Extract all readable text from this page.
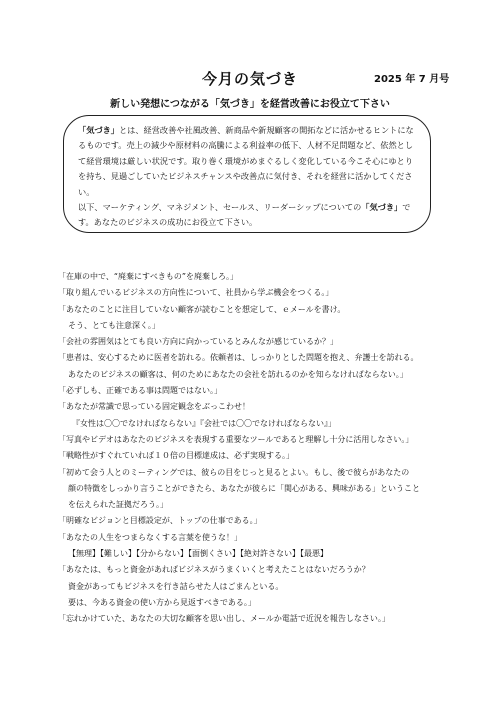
今月の気づき	2025 年 7 月号
新しい発想につながる「気づき」を経営改善にお役立て下さい

「気づき」とは、経営改善や社風改善、新商品や新規顧客の開拓などに活かせるヒントになるものです。売上の減少や原材料の高騰による利益率の低下、人材不足問題など、依然として経営環境は厳しい状況です。取り巻く環境がめまぐるしく変化している今こそ心にゆとりを持ち、見過ごしていたビジネスチャンスや改善点に気付き、それを経営に活かしてください。

以下、マーケティング、マネジメント、セールス、リーダーシップについての「気づき」です。あなたのビジネスの成功にお役立て下さい。

「在庫の中で、“廃棄にすべきもの”を廃棄しろ。」
「取り組んでいるビジネスの方向性について、社員から学ぶ機会をつくる。」
「あなたのことに注目していない顧客が読むことを想定して、ｅメールを書け。
そう、とても注意深く。」
「会社の雰囲気はとても良い方向に向かっているとみんなが感じているか？」
「患者は、安心するために医者を訪れる。依頼者は、しっかりとした問題を抱え、弁護士を訪れる。
あなたのビジネスの顧客は、何のためにあなたの会社を訪れるのかを知らなければならない。」
「必ずしも、正確である事は問題ではない。」
「あなたが常識で思っている固定観念をぶっこわせ！
『女性は〇〇でなければならない』『会社では〇〇でなければならない』」
「写真やビデオはあなたのビジネスを表現する重要なツールであると理解し十分に活用しなさい。」
「戦略性がすぐれていれば１０倍の目標達成は、必ず実現する。」
「初めて会う人とのミーティングでは、彼らの目をじっと見るとよい。もし、後で彼らがあなたの
顔の特徴をしっかり言うことができたら、あなたが彼らに「関心がある、興味がある」ということ
を伝えられた証拠だろう。」
「明確なビジョンと目標設定が、トップの仕事である。」
「あなたの人生をつまらなくする言葉を使うな！」
【無理】【難しい】【分からない】【面倒くさい】【絶対許さない】【最悪】
「あなたは、もっと資金があればビジネスがうまくいくと考えたことはないだろうか？
資金があってもビジネスを行き詰らせた人はごまんといる。
要は、今ある資金の使い方から見返すべきである。」
「忘れかけていた、あなたの大切な顧客を思い出し、メールか電話で近況を報告しなさい。」
